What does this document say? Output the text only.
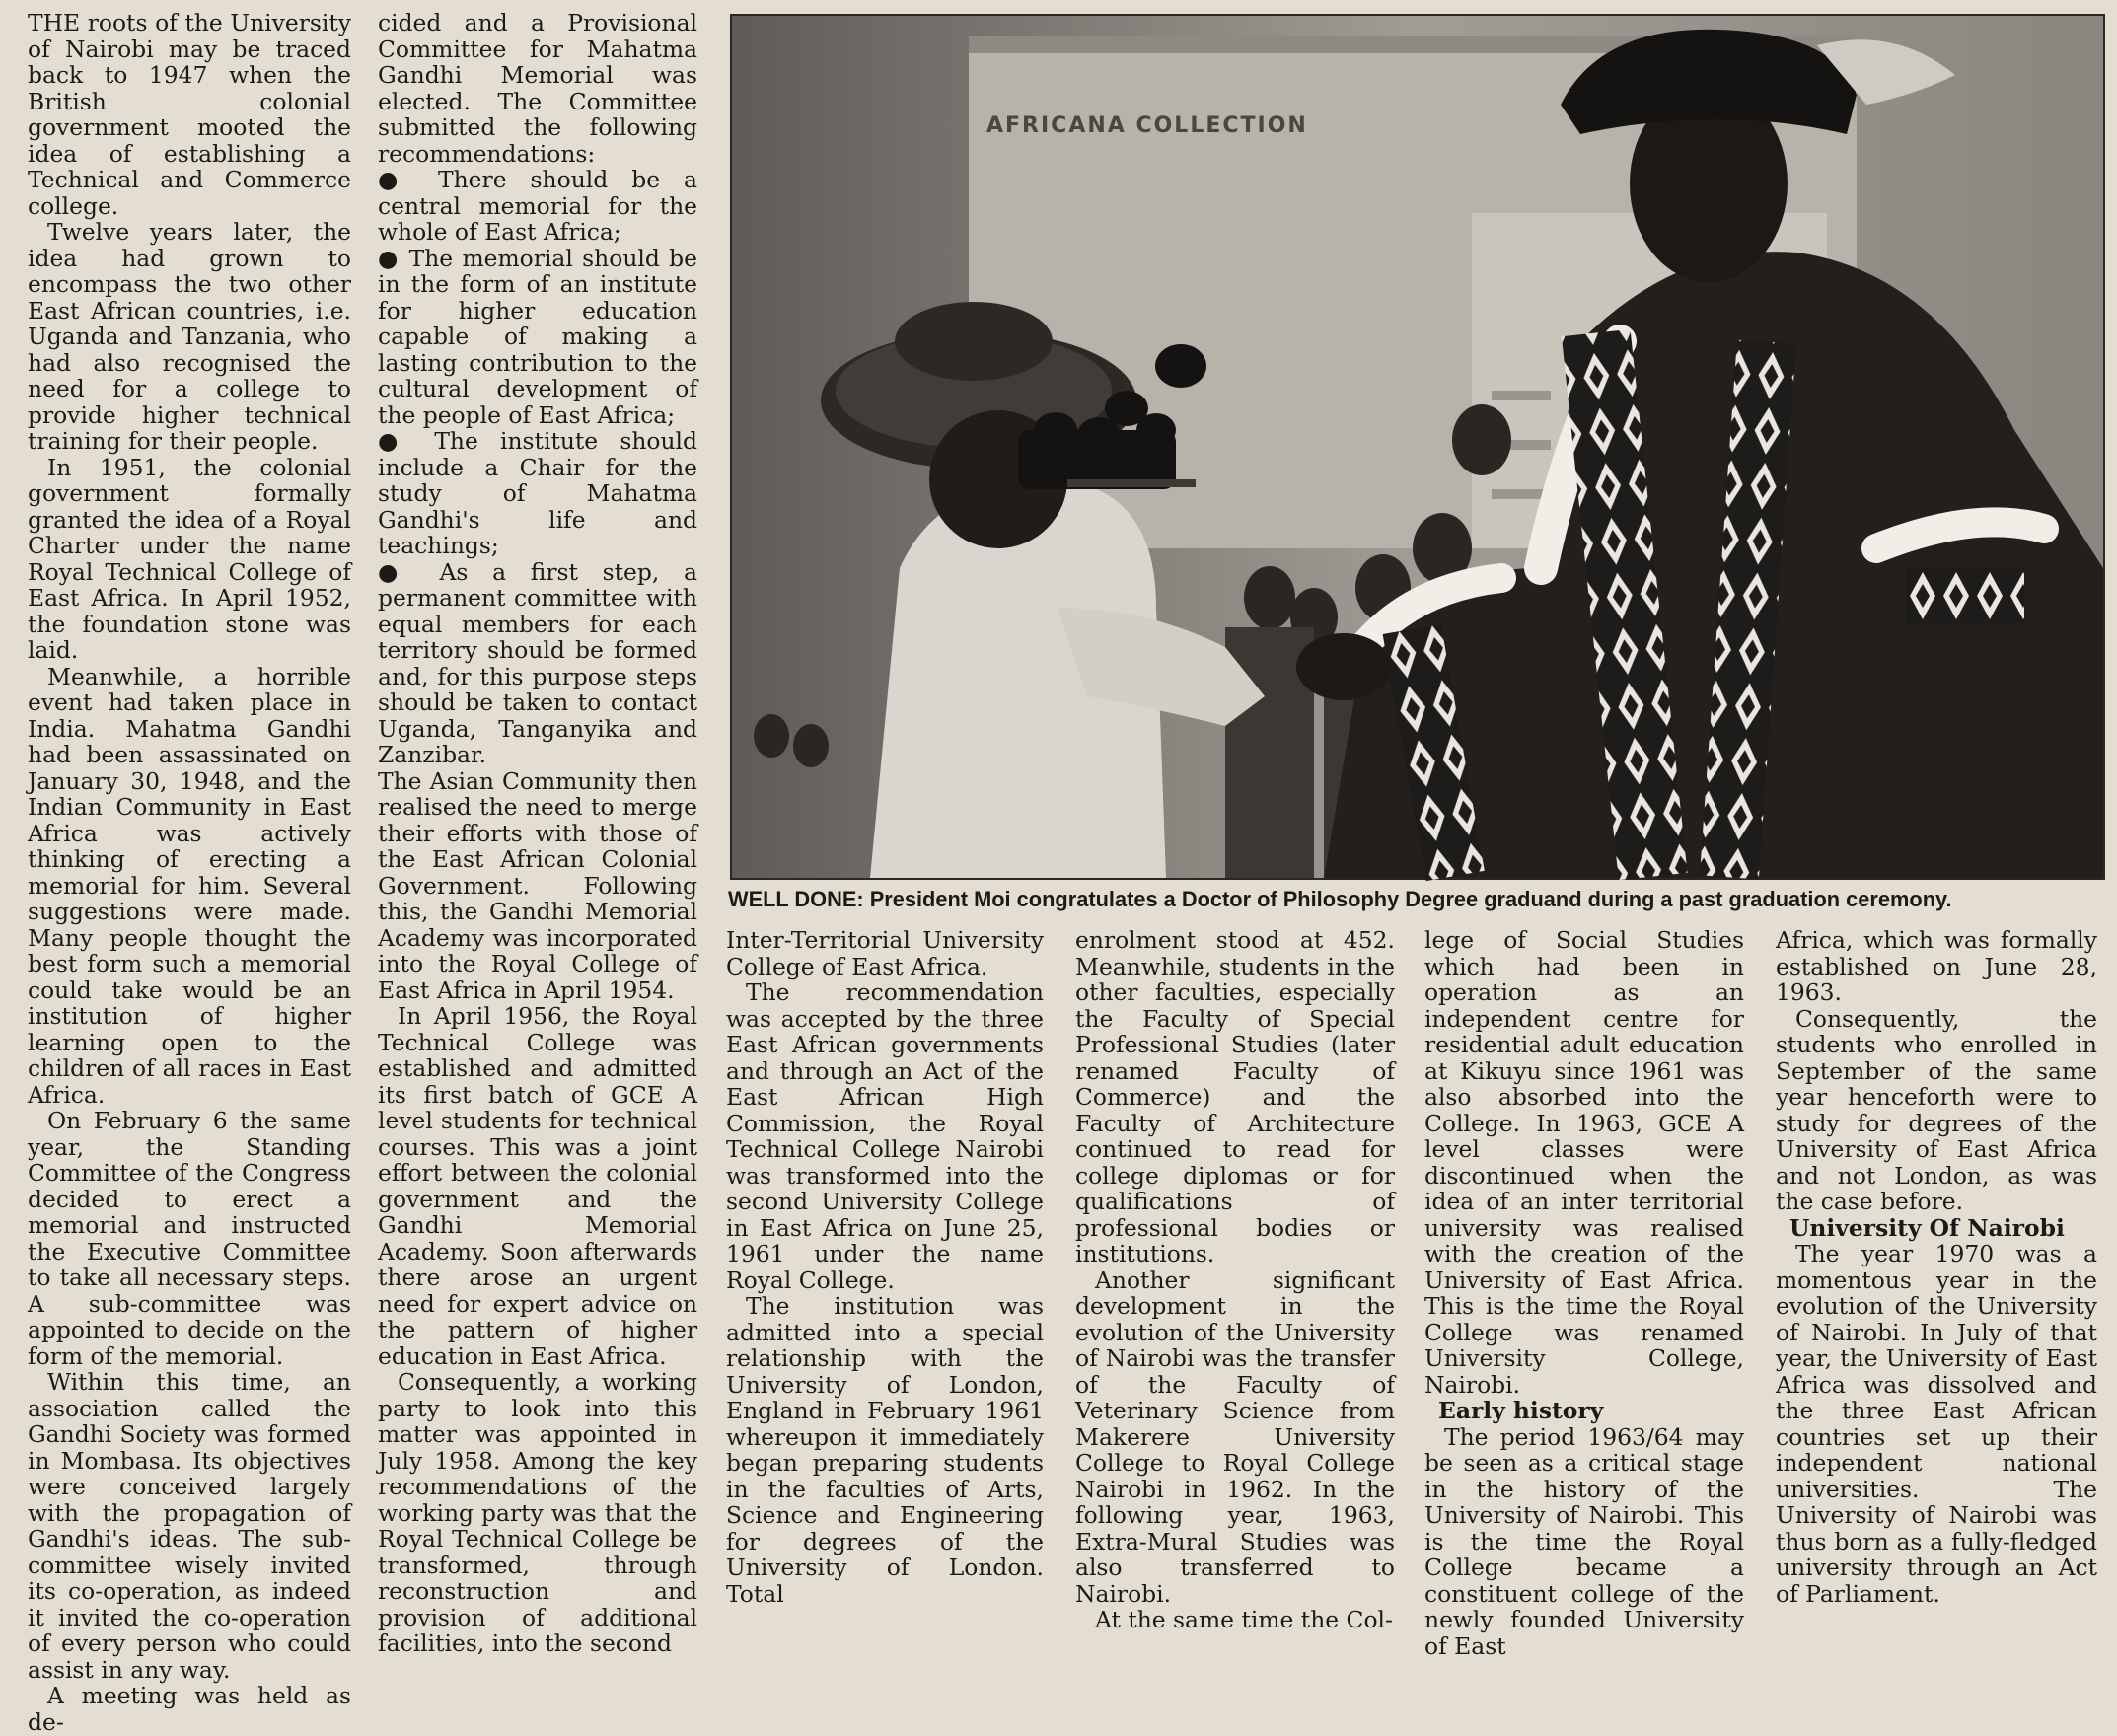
THE roots of the University of Nairobi may be traced back to 1947 when the British colonial government mooted the idea of establishing a Technical and Commerce college.

Twelve years later, the idea had grown to encompass the two other East African countries, i.e. Uganda and Tanzania, who had also recognised the need for a college to provide higher technical training for their people.

In 1951, the colonial government formally granted the idea of a Royal Charter under the name Royal Technical College of East Africa. In April 1952, the foundation stone was laid.

Meanwhile, a horrible event had taken place in India. Mahatma Gandhi had been assassinated on January 30, 1948, and the Indian Community in East Africa was actively thinking of erecting a memorial for him. Several suggestions were made. Many people thought the best form such a memorial could take would be an institution of higher learning open to the children of all races in East Africa.

On February 6 the same year, the Standing Committee of the Congress decided to erect a memorial and instructed the Executive Committee to take all necessary steps. A sub-committee was appointed to decide on the form of the memorial.

Within this time, an association called the Gandhi Society was formed in Mombasa. Its objectives were conceived largely with the propagation of Gandhi's ideas. The sub-committee wisely invited its co-operation, as indeed it invited the co-operation of every person who could assist in any way.

A meeting was held as de-

cided and a Provisional Committee for Mahatma Gandhi Memorial was elected. The Committee submitted the following recommendations:

● There should be a central memorial for the whole of East Africa;

● The memorial should be in the form of an institute for higher education capable of making a lasting contribution to the cultural development of the people of East Africa;

● The institute should include a Chair for the study of Mahatma Gandhi's life and teachings;

● As a first step, a permanent committee with equal members for each territory should be formed and, for this purpose steps should be taken to contact Uganda, Tanganyika and Zanzibar.

The Asian Community then realised the need to merge their efforts with those of the East African Colonial Government. Following this, the Gandhi Memorial Academy was incorporated into the Royal College of East Africa in April 1954.

In April 1956, the Royal Technical College was established and admitted its first batch of GCE A level students for technical courses. This was a joint effort between the colonial government and the Gandhi Memorial Academy. Soon afterwards there arose an urgent need for expert advice on the pattern of higher education in East Africa.

Consequently, a working party to look into this matter was appointed in July 1958. Among the key recommendations of the working party was that the Royal Technical College be transformed, through reconstruction and provision of additional facilities, into the second

AFRICANA COLLECTION
WELL DONE: President Moi congratulates a Doctor of Philosophy Degree graduand during a past graduation ceremony.

Inter-Territorial University College of East Africa.

The recommendation was accepted by the three East African governments and through an Act of the East African High Commission, the Royal Technical College Nairobi was transformed into the second University College in East Africa on June 25, 1961 under the name Royal College.

The institution was admitted into a special relationship with the University of London, England in February 1961 whereupon it immediately began preparing students in the faculties of Arts, Science and Engineering for degrees of the University of London. Total

enrolment stood at 452. Meanwhile, students in the other faculties, especially the Faculty of Special Professional Studies (later renamed Faculty of Commerce) and the Faculty of Architecture continued to read for college diplomas or for qualifications of professional bodies or institutions.

Another significant development in the evolution of the University of Nairobi was the transfer of the Faculty of Veterinary Science from Makerere University College to Royal College Nairobi in 1962. In the following year, 1963, Extra-Mural Studies was also transferred to Nairobi.

At the same time the Col-

lege of Social Studies which had been in operation as an independent centre for residential adult education at Kikuyu since 1961 was also absorbed into the College. In 1963, GCE A level classes were discontinued when the idea of an inter territorial university was realised with the creation of the University of East Africa. This is the time the Royal College was renamed University College, Nairobi.

Early history

The period 1963/64 may be seen as a critical stage in the history of the University of Nairobi. This is the time the Royal College became a constituent college of the newly founded University of East

Africa, which was formally established on June 28, 1963.

Consequently, the students who enrolled in September of the same year henceforth were to study for degrees of the University of East Africa and not London, as was the case before.

University Of Nairobi

The year 1970 was a momentous year in the evolution of the University of Nairobi. In July of that year, the University of East Africa was dissolved and the three East African countries set up their independent national universities. The University of Nairobi was thus born as a fully-fledged university through an Act of Parliament.
